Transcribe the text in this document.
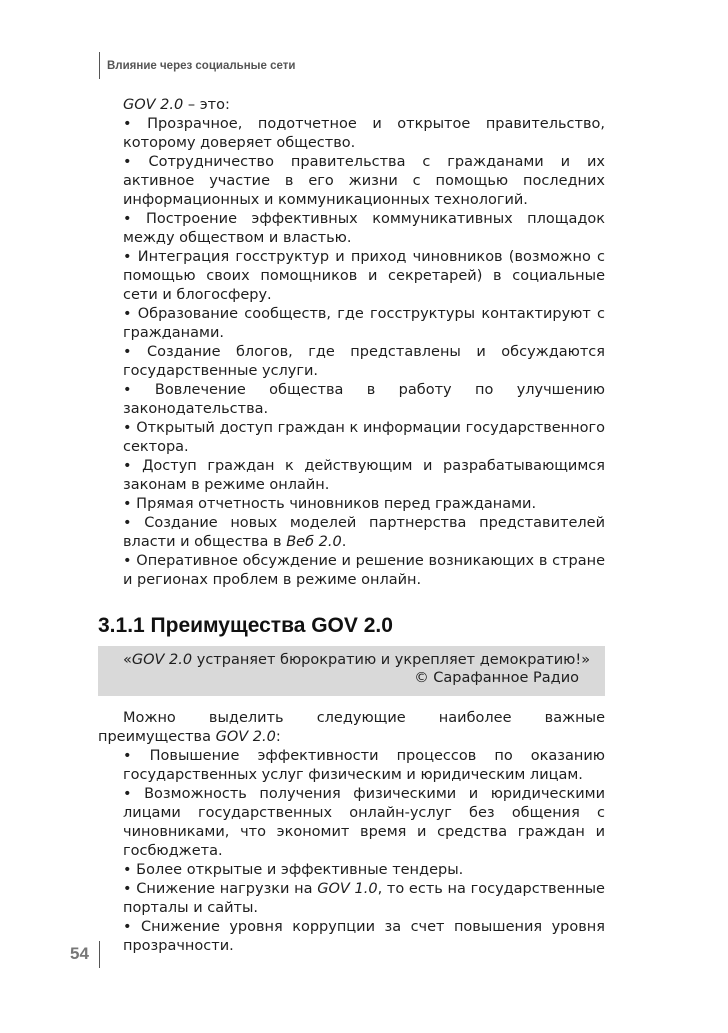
Влияние через социальные сети

GOV 2.0 – это:

• Прозрачное, подотчетное и открытое правительство, которому доверяет общество.

• Сотрудничество правительства с гражданами и их активное участие в его жизни с помощью последних информационных и коммуникационных технологий.

• Построение эффективных коммуникативных площадок между обществом и властью.

• Интеграция госструктур и приход чиновников (возможно с помощью своих помощников и секретарей) в социальные сети и блогосферу.

• Образование сообществ, где госструктуры контактируют с гражданами.

• Создание блогов, где представлены и обсуждаются государственные услуги.

• Вовлечение общества в работу по улучшению законодательства.

• Открытый доступ граждан к информации государственного сектора.

• Доступ граждан к действующим и разрабатывающимся законам в режиме онлайн.

• Прямая отчетность чиновников перед гражданами.

• Создание новых моделей партнерства представителей власти и общества в Веб 2.0.

• Оперативное обсуждение и решение возникающих в стране и регионах проблем в режиме онлайн.

3.1.1 Преимущества GOV 2.0
«GOV 2.0 устраняет бюрократию и укрепляет демократию!»
© Сарафанное Радио

Можно выделить следующие наиболее важные преимущества GOV 2.0:

• Повышение эффективности процессов по оказанию государственных услуг физическим и юридическим лицам.

• Возможность получения физическими и юридическими лицами государственных онлайн-услуг без общения с чиновниками, что экономит время и средства граждан и госбюджета.

• Более открытые и эффективные тендеры.

• Снижение нагрузки на GOV 1.0, то есть на государственные порталы и сайты.

• Снижение уровня коррупции за счет повышения уровня прозрачности.

54
